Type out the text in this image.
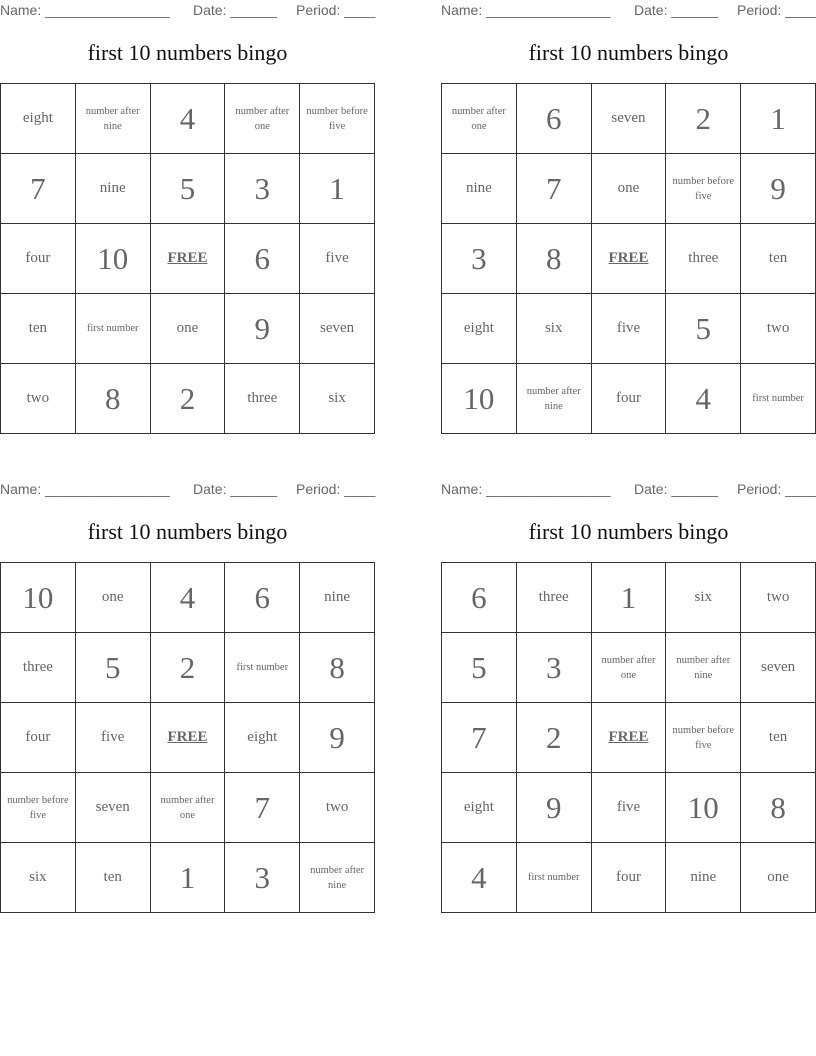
Name: ________________ Date: ______ Period: ____
first 10 numbers bingo
eight	number after nine	4	number after one	number before five
7	nine	5	3	1
four	10	FREE	6	five
ten	first number	one	9	seven
two	8	2	three	six
Name: ________________ Date: ______ Period: ____
first 10 numbers bingo
number after one	6	seven	2	1
nine	7	one	number before five	9
3	8	FREE	three	ten
eight	six	five	5	two
10	number after nine	four	4	first number
Name: ________________ Date: ______ Period: ____
first 10 numbers bingo
10	one	4	6	nine
three	5	2	first number	8
four	five	FREE	eight	9
number before five	seven	number after one	7	two
six	ten	1	3	number after nine
Name: ________________ Date: ______ Period: ____
first 10 numbers bingo
6	three	1	six	two
5	3	number after one	number after nine	seven
7	2	FREE	number before five	ten
eight	9	five	10	8
4	first number	four	nine	one
